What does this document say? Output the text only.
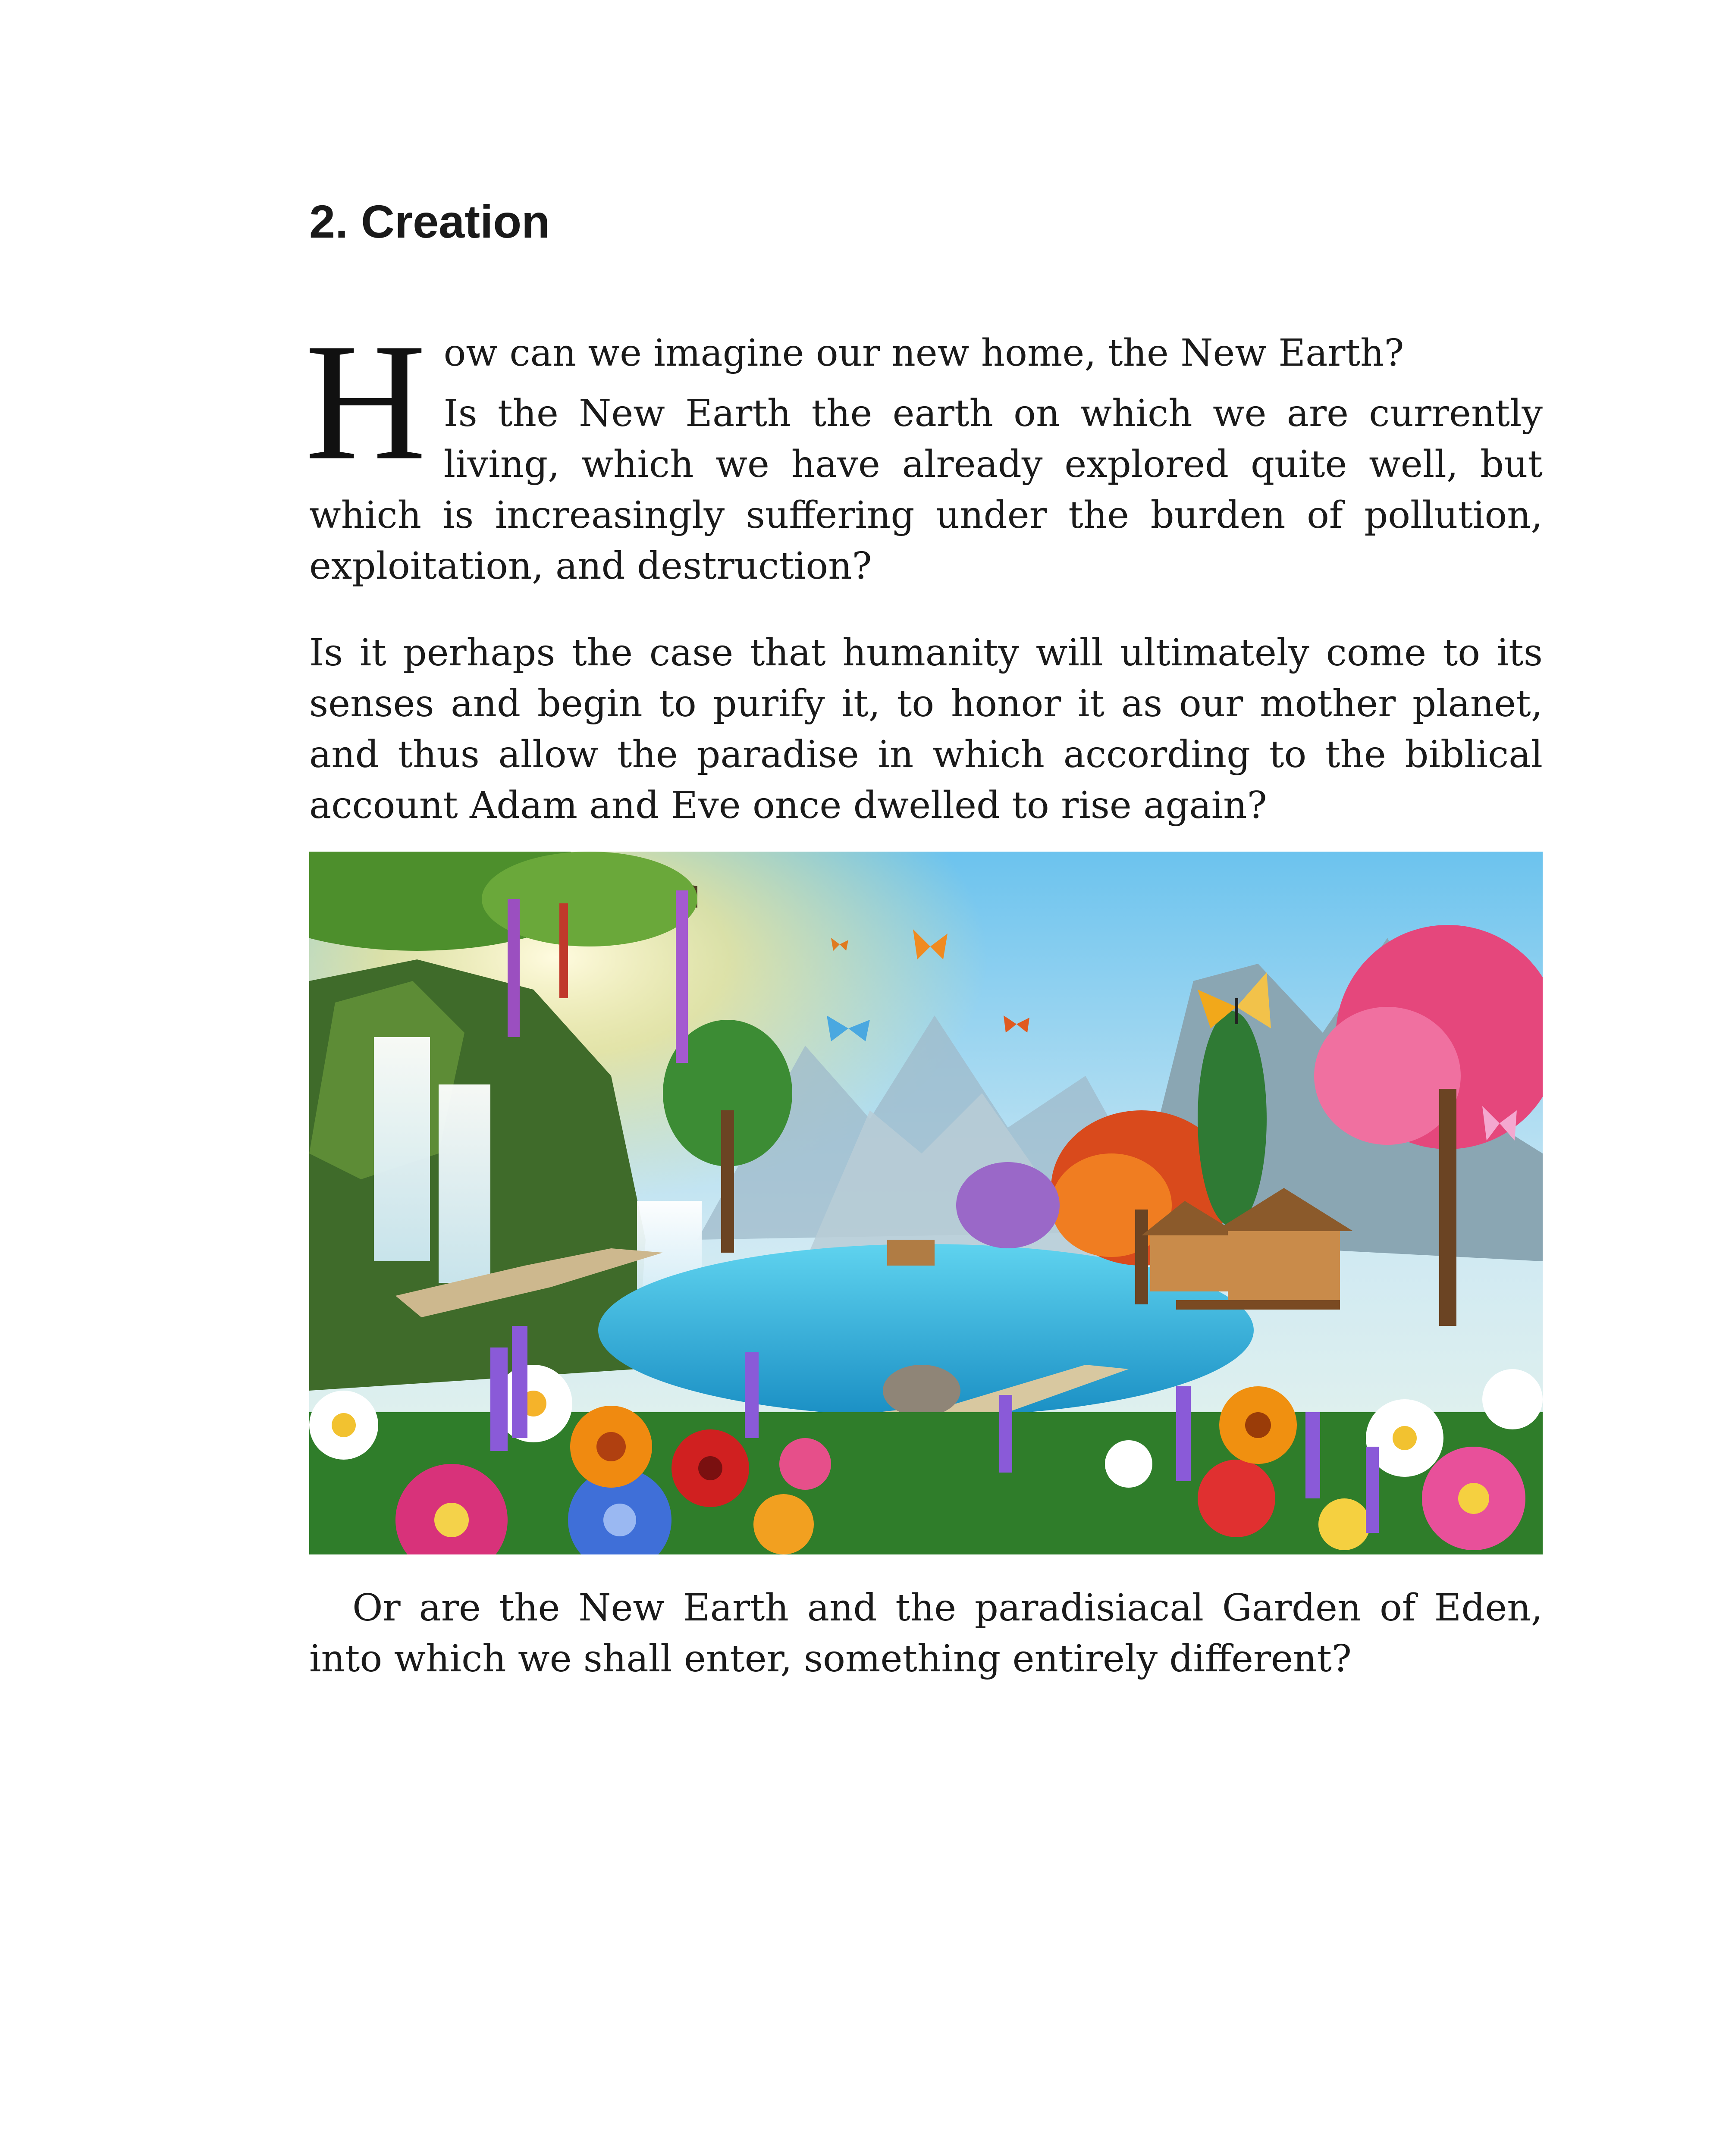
2. Creation

How can we imagine our new home, the New Earth?

Is the New Earth the earth on which we are currently living, which we have already explored quite well, but which is increasingly suffering under the burden of pollution, exploitation, and destruction?

Is it perhaps the case that humanity will ultimately come to its senses and begin to purify it, to honor it as our mother planet, and thus allow the paradise in which according to the biblical account Adam and Eve once dwelled to rise again?

Or are the New Earth and the paradisiacal Garden of Eden, into which we shall enter, something entirely different?
